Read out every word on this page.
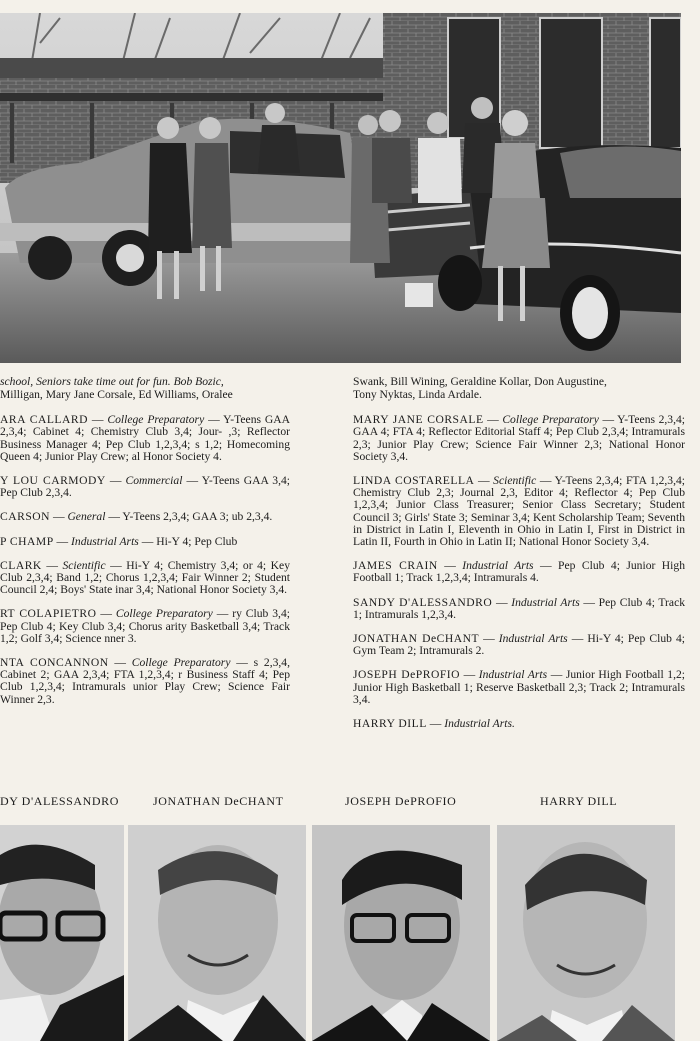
school, Seniors take time out for fun. Bob Bozic,
Milligan, Mary Jane Corsale, Ed Williams, Oralee
ARA CALLARD — College Preparatory — Y-Teens GAA 2,3,4; Cabinet 4; Chemistry Club 3,4; Jour- ,3; Reflector Business Manager 4; Pep Club 1,2,3,4; s 1,2; Homecoming Queen 4; Junior Play Crew; al Honor Society 4.
Y LOU CARMODY — Commercial — Y-Teens GAA 3,4; Pep Club 2,3,4.
CARSON — General — Y-Teens 2,3,4; GAA 3; ub 2,3,4.
P CHAMP — Industrial Arts — Hi-Y 4; Pep Club
CLARK — Scientific — Hi-Y 4; Chemistry 3,4; or 4; Key Club 2,3,4; Band 1,2; Chorus 1,2,3,4; Fair Winner 2; Student Council 2,4; Boys' State inar 3,4; National Honor Society 3,4.
RT COLAPIETRO — College Preparatory — ry Club 3,4; Pep Club 4; Key Club 3,4; Chorus arity Basketball 3,4; Track 1,2; Golf 3,4; Science nner 3.
NTA CONCANNON — College Preparatory — s 2,3,4, Cabinet 2; GAA 2,3,4; FTA 1,2,3,4; r Business Staff 4; Pep Club 1,2,3,4; Intramurals unior Play Crew; Science Fair Winner 2,3.
Swank, Bill Wining, Geraldine Kollar, Don Augustine,
Tony Nyktas, Linda Ardale.
MARY JANE CORSALE — College Preparatory — Y-Teens 2,3,4; GAA 4; FTA 4; Reflector Editorial Staff 4; Pep Club 2,3,4; Intramurals 2,3; Junior Play Crew; Science Fair Winner 2,3; National Honor Society 3,4.
LINDA COSTARELLA — Scientific — Y-Teens 2,3,4; FTA 1,2,3,4; Chemistry Club 2,3; Journal 2,3, Editor 4; Reflector 4; Pep Club 1,2,3,4; Junior Class Treasurer; Senior Class Secretary; Student Council 3; Girls' State 3; Seminar 3,4; Kent Scholarship Team; Seventh in District in Latin I, Eleventh in Ohio in Latin I, First in District in Latin II, Fourth in Ohio in Latin II; National Honor Society 3,4.
JAMES CRAIN — Industrial Arts — Pep Club 4; Junior High Football 1; Track 1,2,3,4; Intramurals 4.
SANDY D'ALESSANDRO — Industrial Arts — Pep Club 4; Track 1; Intramurals 1,2,3,4.
JONATHAN DeCHANT — Industrial Arts — Hi-Y 4; Pep Club 4; Gym Team 2; Intramurals 2.
JOSEPH DePROFIO — Industrial Arts — Junior High Football 1,2; Junior High Basketball 1; Reserve Basketball 2,3; Track 2; Intramurals 3,4.
HARRY DILL — Industrial Arts.
DY D'ALESSANDRO	JONATHAN DeCHANT	JOSEPH DePROFIO	HARRY DILL
